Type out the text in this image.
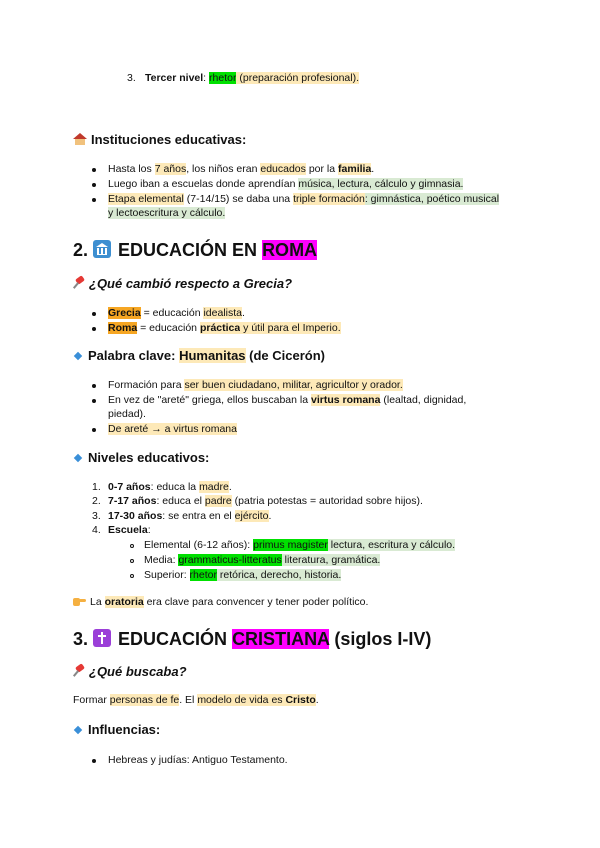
3. Tercer nivel: rhetor (preparación profesional).
Instituciones educativas:
Hasta los 7 años, los niños eran educados por la familia.
Luego iban a escuelas donde aprendían música, lectura, cálculo y gimnasia.
Etapa elemental (7-14/15) se daba una triple formación: gimnástica, poético musical
y lectoescritura y cálculo.
2. EDUCACIÓN EN ROMA
¿Qué cambió respecto a Grecia?
Grecia = educación idealista.
Roma = educación práctica y útil para el Imperio.
Palabra clave: Humanitas (de Cicerón)
Formación para ser buen ciudadano, militar, agricultor y orador.
En vez de "areté" griega, ellos buscaban la virtus romana (lealtad, dignidad,
piedad).
De areté → a virtus romana
Niveles educativos:
1. 0-7 años: educa la madre.
2. 7-17 años: educa el padre (patria potestas = autoridad sobre hijos).
3. 17-30 años: se entra en el ejército.
4. Escuela:
Elemental (6-12 años): primus magister lectura, escritura y cálculo.
Media: grammaticus-litteratus literatura, gramática.
Superior: rhetor retórica, derecho, historia.
La oratoria era clave para convencer y tener poder político.
3. EDUCACIÓN CRISTIANA (siglos I-IV)
¿Qué buscaba?
Formar personas de fe. El modelo de vida es Cristo.
Influencias:
Hebreas y judías: Antiguo Testamento.
